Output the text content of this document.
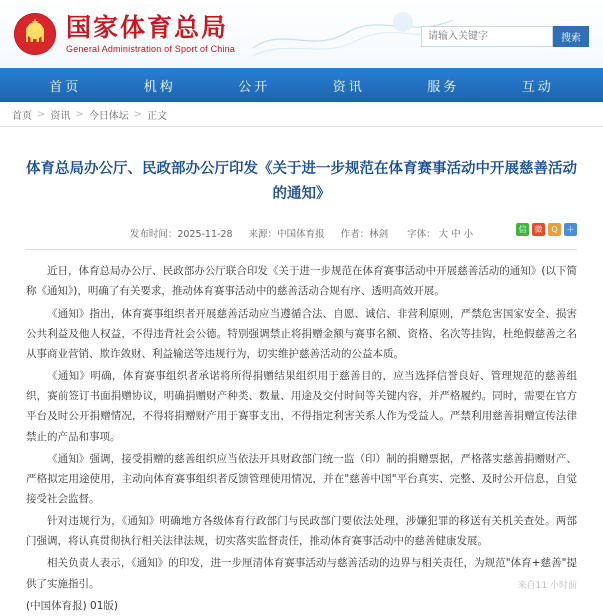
★ 国家体育总局
General Administration of Sport of China
请输入关键字
搜索
首页	机构	公开	资讯	服务	互动
首页 > 资讯 > 今日体坛 > 正文
体育总局办公厅、民政部办公厅印发《关于进一步规范在体育赛事活动中开展慈善活动的通知》
发布时间：2025-11-28 来源：中国体育报 作者：林剑	字体： 大 中 小	信	微	Q	＋

近日，体育总局办公厅、民政部办公厅联合印发《关于进一步规范在体育赛事活动中开展慈善活动的通知》(以下简称《通知》)，明确了有关要求，推动体育赛事活动中的慈善活动合规有序、透明高效开展。

《通知》指出，体育赛事组织者开展慈善活动应当遵循合法、自愿、诚信、非营利原则，严禁危害国家安全、损害公共利益及他人权益，不得违背社会公德。特别强调禁止将捐赠金额与赛事名额、资格、名次等挂钩，杜绝假慈善之名从事商业营销、欺诈敛财、利益输送等违规行为，切实维护慈善活动的公益本质。

《通知》明确，体育赛事组织者承诺将所得捐赠结果组织用于慈善目的，应当选择信誉良好、管理规范的慈善组织，赛前签订书面捐赠协议，明确捐赠财产种类、数量、用途及交付时间等关键内容，并严格履约。同时，需要在官方平台及时公开捐赠情况，不得将捐赠财产用于赛事支出，不得指定利害关系人作为受益人。严禁利用慈善捐赠宣传法律禁止的产品和事项。

《通知》强调，接受捐赠的慈善组织应当依法开具财政部门统一监（印）制的捐赠票据，严格落实慈善捐赠财产、严格拟定用途使用，主动向体育赛事组织者反馈管理使用情况，并在"慈善中国"平台真实、完整、及时公开信息，自觉接受社会监督。

针对违规行为，《通知》明确地方各级体育行政部门与民政部门要依法处理，涉嫌犯罪的移送有关机关查处。两部门强调，将认真贯彻执行相关法律法规，切实落实监督责任，推动体育赛事活动中的慈善健康发展。

相关负责人表示，《通知》的印发，进一步厘清体育赛事活动与慈善活动的边界与相关责任，为规范"体育+慈善"提供了实施指引。	来自11 小时前

(中国体育报) 01版)
